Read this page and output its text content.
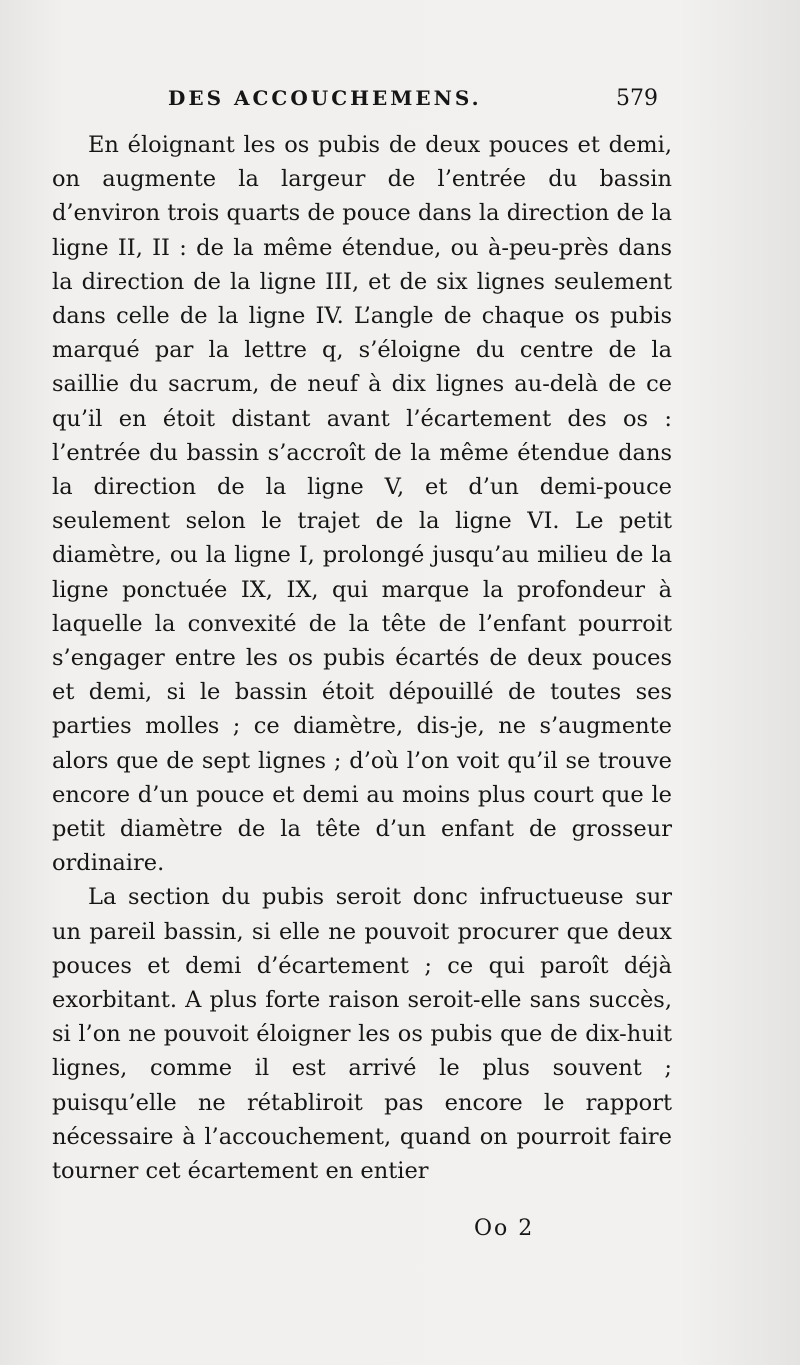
DES ACCOUCHEMENS.	579

En éloignant les os pubis de deux pouces et demi, on augmente la largeur de l’entrée du bassin d’environ trois quarts de pouce dans la direction de la ligne II, II : de la même étendue, ou à-peu-près dans la direction de la ligne III, et de six lignes seulement dans celle de la ligne IV. L’angle de chaque os pubis marqué par la lettre q, s’éloigne du centre de la saillie du sacrum, de neuf à dix lignes au-delà de ce qu’il en étoit distant avant l’écartement des os : l’entrée du bassin s’accroît de la même étendue dans la direction de la ligne V, et d’un demi-pouce seulement selon le trajet de la ligne VI. Le petit diamètre, ou la ligne I, prolongé jusqu’au milieu de la ligne ponctuée IX, IX, qui marque la profondeur à laquelle la convexité de la tête de l’enfant pourroit s’engager entre les os pubis écartés de deux pouces et demi, si le bassin étoit dépouillé de toutes ses parties molles ; ce diamètre, dis-je, ne s’augmente alors que de sept lignes ; d’où l’on voit qu’il se trouve encore d’un pouce et demi au moins plus court que le petit diamètre de la tête d’un enfant de grosseur ordinaire.

La section du pubis seroit donc infructueuse sur un pareil bassin, si elle ne pouvoit procurer que deux pouces et demi d’écartement ; ce qui paroît déjà exorbitant. A plus forte raison seroit-elle sans succès, si l’on ne pouvoit éloigner les os pubis que de dix-huit lignes, comme il est arrivé le plus souvent ; puisqu’elle ne rétabliroit pas encore le rapport nécessaire à l’accouchement, quand on pourroit faire tourner cet écartement en entier

Oo 2
